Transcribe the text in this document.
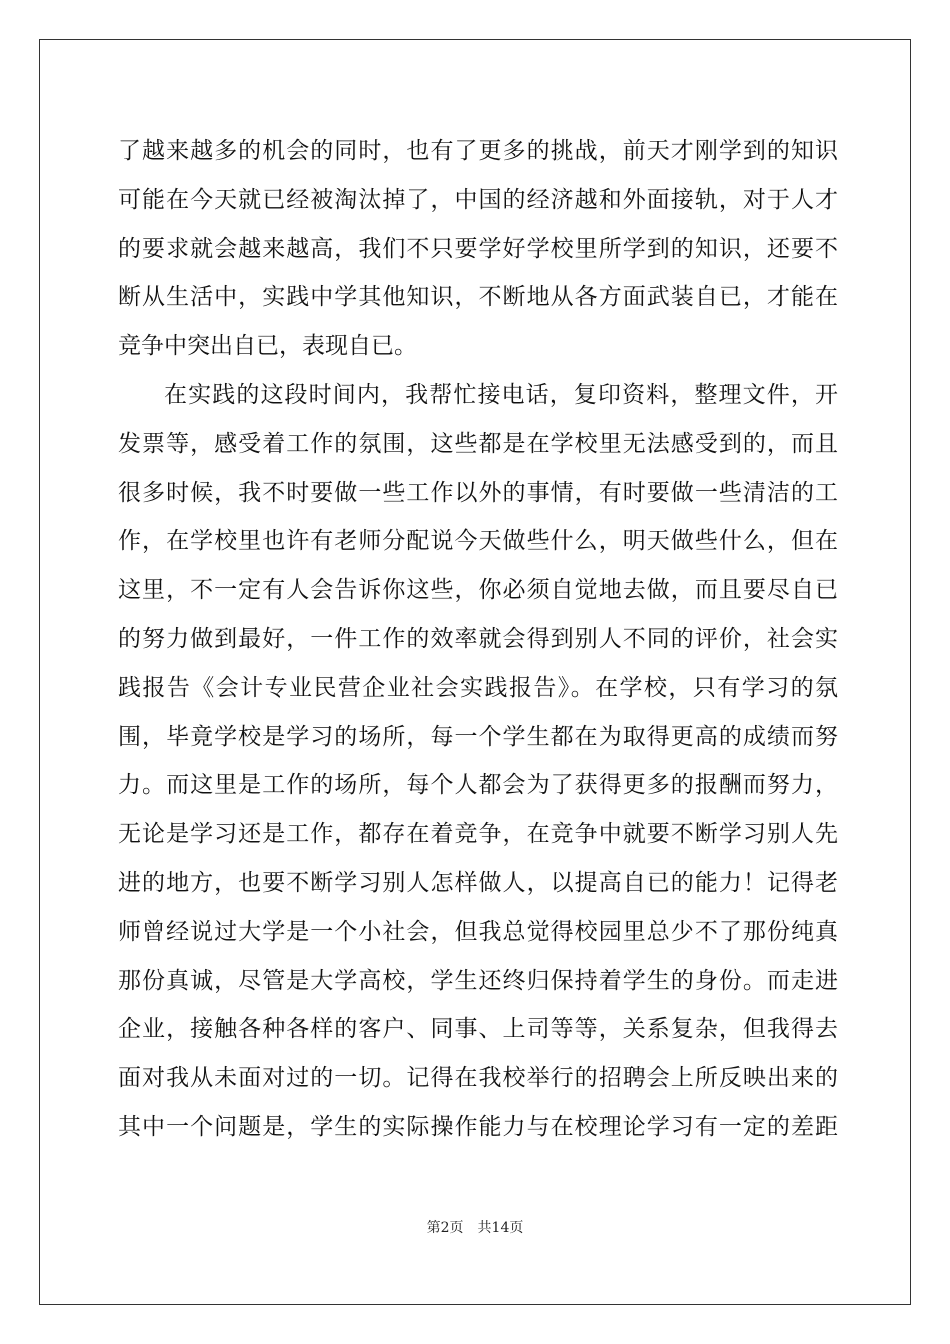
了越来越多的机会的同时，也有了更多的挑战，前天才刚学到的知识
可能在今天就已经被淘汰掉了，中国的经济越和外面接轨，对于人才
的要求就会越来越高，我们不只要学好学校里所学到的知识，还要不
断从生活中，实践中学其他知识，不断地从各方面武装自已，才能在
竞争中突出自已，表现自已。
在实践的这段时间内，我帮忙接电话，复印资料，整理文件，开
发票等，感受着工作的氛围，这些都是在学校里无法感受到的，而且
很多时候，我不时要做一些工作以外的事情，有时要做一些清洁的工
作，在学校里也许有老师分配说今天做些什么，明天做些什么，但在
这里，不一定有人会告诉你这些，你必须自觉地去做，而且要尽自已
的努力做到最好，一件工作的效率就会得到别人不同的评价，社会实
践报告《会计专业民营企业社会实践报告》。在学校，只有学习的氛
围，毕竟学校是学习的场所，每一个学生都在为取得更高的成绩而努
力。而这里是工作的场所，每个人都会为了获得更多的报酬而努力，
无论是学习还是工作，都存在着竞争，在竞争中就要不断学习别人先
进的地方，也要不断学习别人怎样做人，以提高自已的能力！记得老
师曾经说过大学是一个小社会，但我总觉得校园里总少不了那份纯真
那份真诚，尽管是大学高校，学生还终归保持着学生的身份。而走进
企业，接触各种各样的客户、同事、上司等等，关系复杂，但我得去
面对我从未面对过的一切。记得在我校举行的招聘会上所反映出来的
其中一个问题是，学生的实际操作能力与在校理论学习有一定的差距
第2页 共14页
